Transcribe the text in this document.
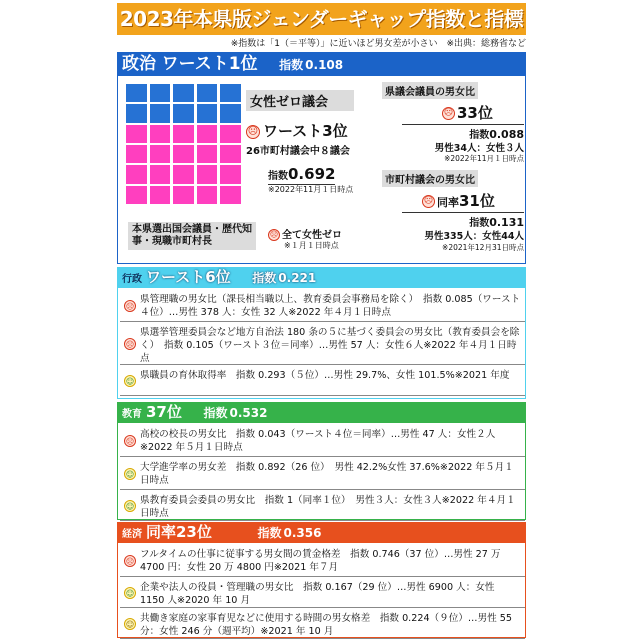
2023年本県版ジェンダーギャップ指数と指標
※指数は「1（＝平等）」に近いほど男女差が小さい　※出典：総務省など
政治 ワースト1位 指数 0.108
女性ゼロ議会
☹ ワースト3位
26市町村議会中８議会
指数0.692
※2022年11月１日時点
県議会議員の男女比
☹ 33位
指数0.088
男性34人：女性３人
※2022年11月１日時点
市町村議会の男女比
☹ 同率31位
指数0.131
男性335人：女性44人
※2021年12月31日時点
本県選出国会議員・歴代知事・現職市町村長
☹ 全て女性ゼロ
※１月１日時点
行政 ワースト6位 指数 0.221
☹
県管理職の男女比（課長相当職以上、教育委員会事務局を除く）　指数 0.085（ワースト４位）…男性 378 人：女性 32 人※2022 年４月１日時点
☹
県選挙管理委員会など地方自治法 180 条の５に基づく委員会の男女比（教育委員会を除く）　指数 0.105（ワースト３位＝同率）…男性 57 人：女性６人※2022 年４月１日時点
☺ 県職員の育休取得率　指数 0.293（５位）…男性 29.7%、女性 101.5%※2021 年度
教育 37位 指数 0.532
☹
高校の校長の男女比　指数 0.043（ワースト４位＝同率）…男性 47 人：女性２人※2022 年５月１日時点
☺
大学進学率の男女差　指数 0.892（26 位）　男性 42.2%女性 37.6%※2022 年５月１日時点
☺ 県教育委員会委員の男女比　指数 1（同率１位）　男性３人：女性３人※2022 年４月１日時点
経済 同率23位	指数 0.356
☹
フルタイムの仕事に従事する男女間の賃金格差　指数 0.746（37 位）…男性 27 万 4700 円：女性 20 万 4800 円※2021 年７月
☺ 企業や法人の役員・管理職の男女比　指数 0.167（29 位）…男性 6900 人：女性 1150 人※2020 年 10 月
☺ 共働き家庭の家事育児などに使用する時間の男女格差　指数 0.224（９位）…男性 55 分：女性 246 分（週平均）※2021 年 10 月
